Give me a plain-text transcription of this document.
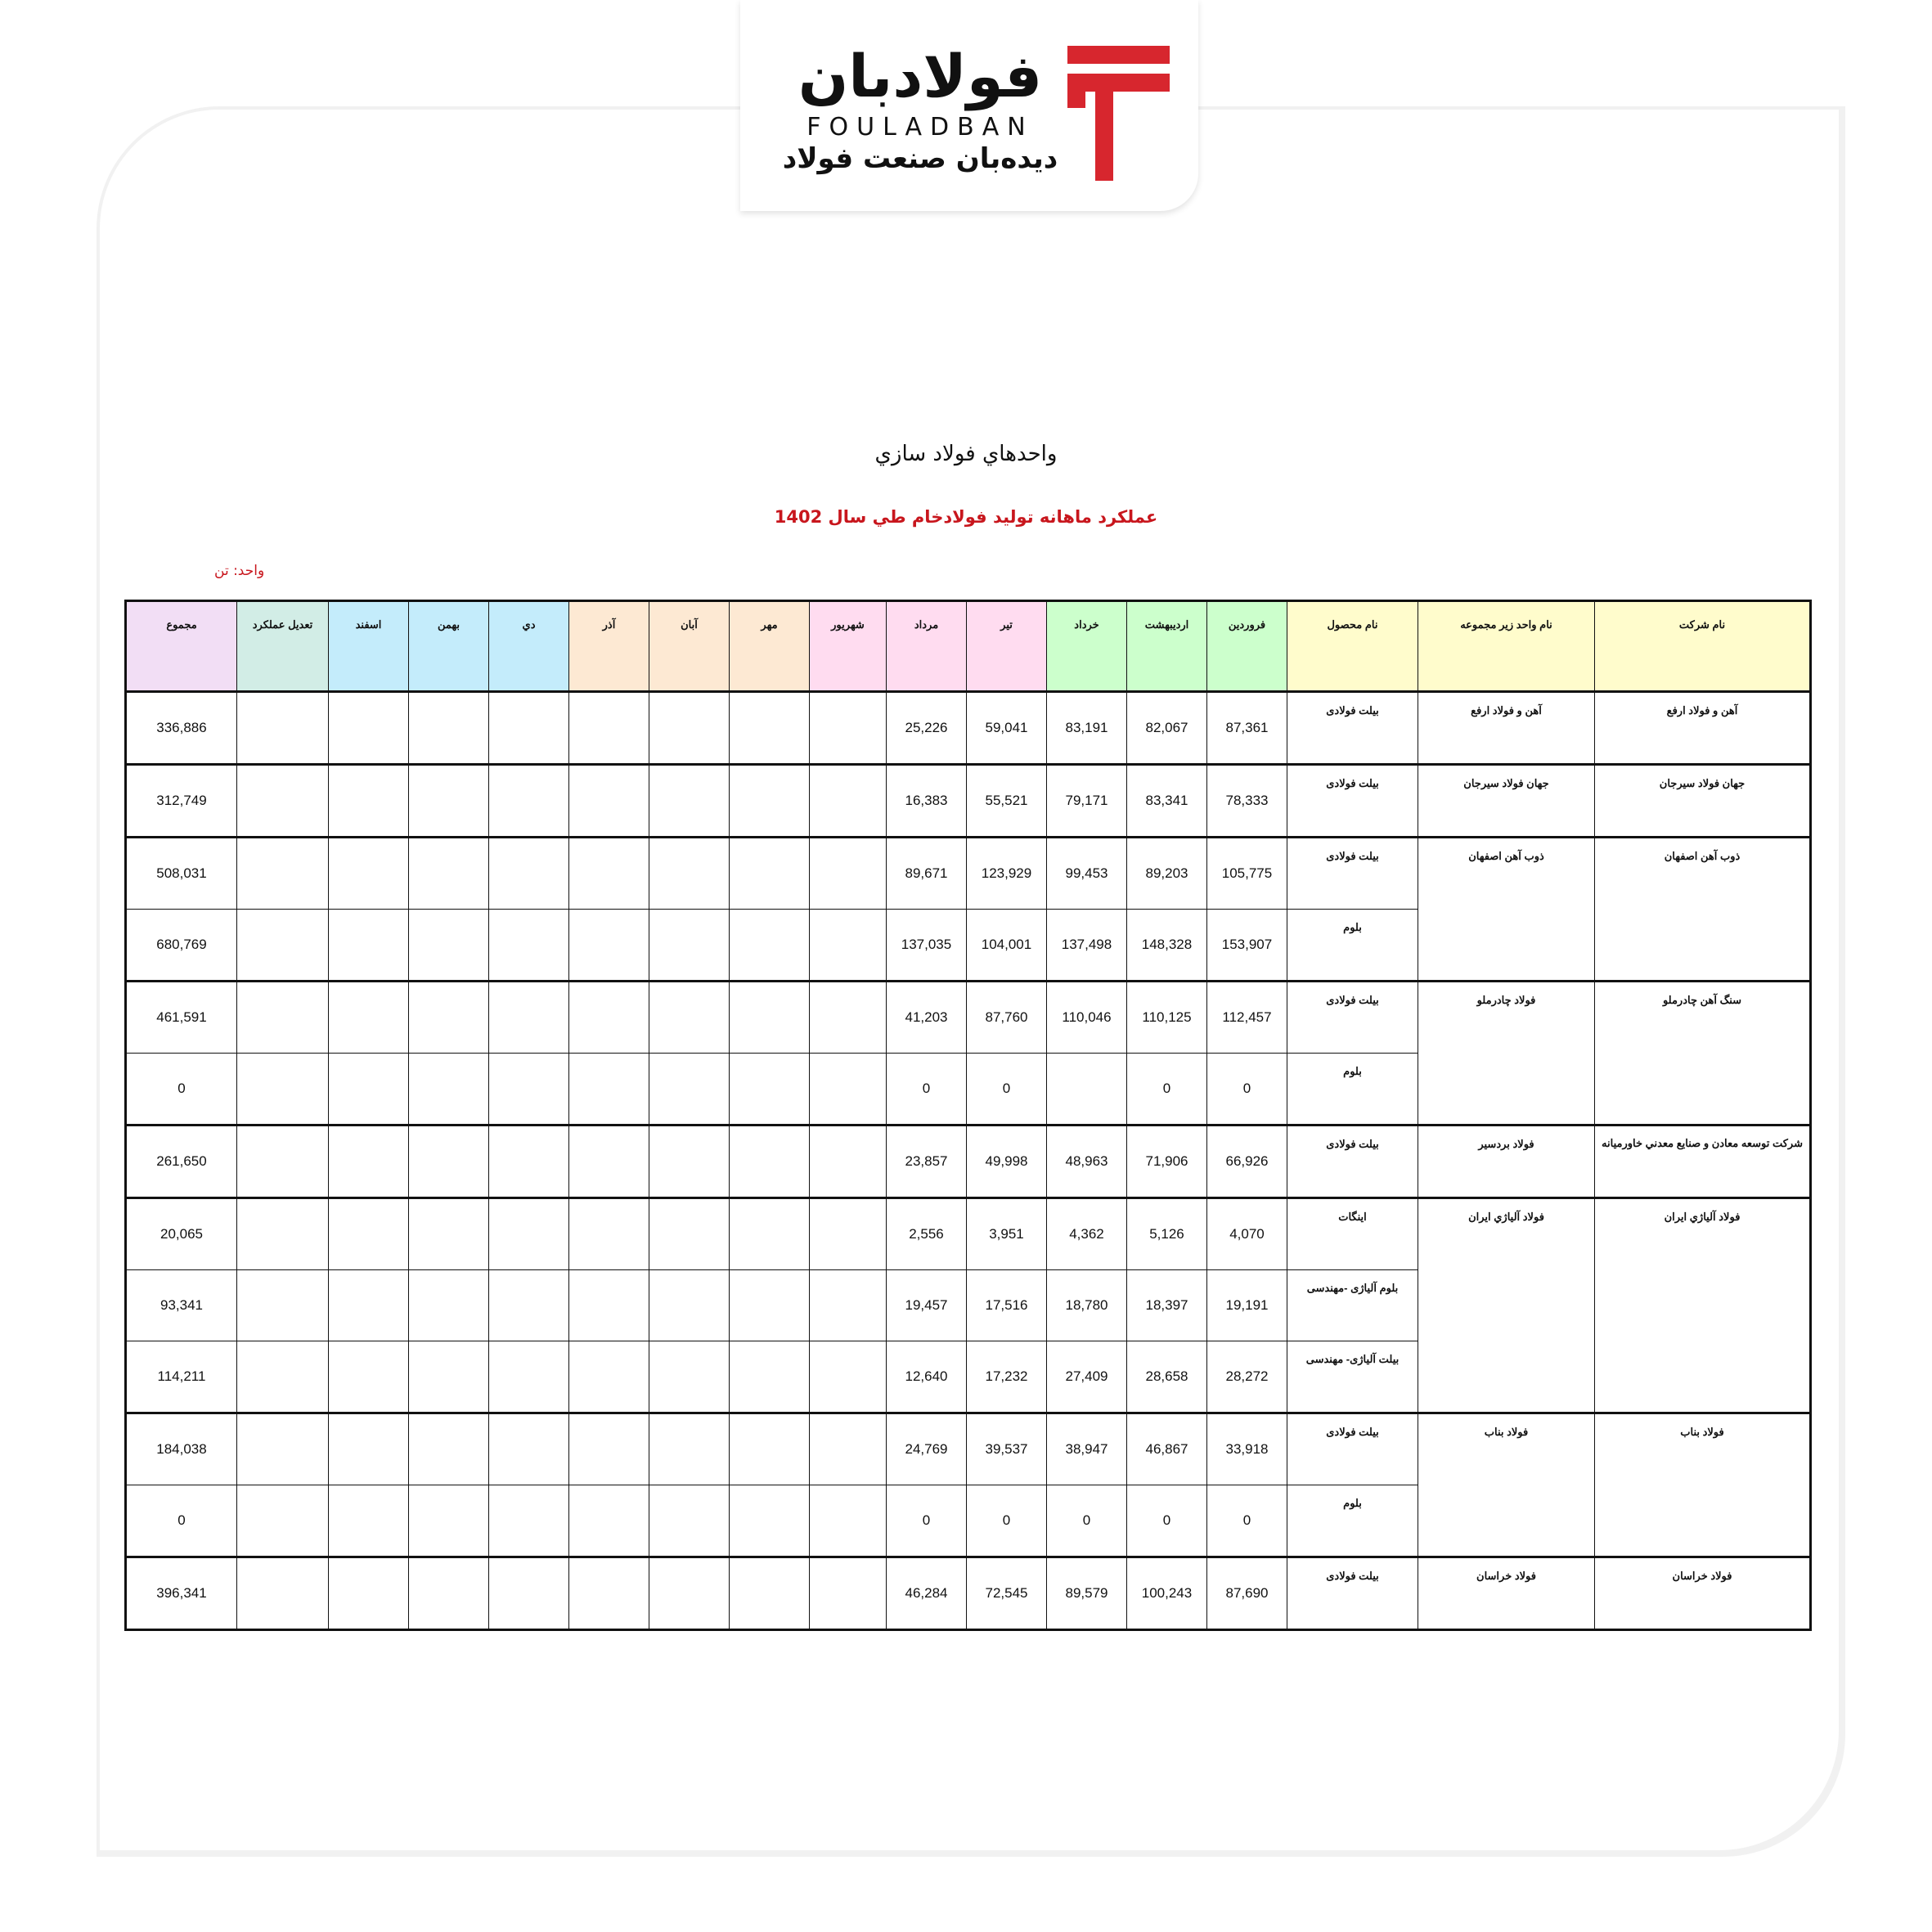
فولادبان
FOULADBAN
دیده‌بان صنعت فولاد
واحدهاي فولاد سازي
عملکرد ماهانه تولید فولادخام طي سال 1402
واحد: تن
نام شرکت	نام واحد زیر مجموعه	نام محصول	فروردین	اردیبهشت	خرداد	تیر	مرداد	شهریور	مهر	آبان	آذر	دي	بهمن	اسفند	تعدیل عملکرد	مجموع
آهن و فولاد ارفع	آهن و فولاد ارفع	بیلت فولادی	87,361	82,067	83,191	59,041	25,226									336,886
جهان فولاد سیرجان	جهان فولاد سیرجان	بیلت فولادی	78,333	83,341	79,171	55,521	16,383									312,749
ذوب آهن اصفهان	ذوب آهن اصفهان	بیلت فولادی	105,775	89,203	99,453	123,929	89,671									508,031
		بلوم	153,907	148,328	137,498	104,001	137,035									680,769
سنگ آهن چادرملو	فولاد چادرملو	بیلت فولادی	112,457	110,125	110,046	87,760	41,203									461,591
		بلوم	0	0		0	0									0
شرکت توسعه معادن و صنایع معدني خاورمیانه	فولاد بردسیر	بیلت فولادی	66,926	71,906	48,963	49,998	23,857									261,650
فولاد آلیاژي ایران	فولاد آلیاژي ایران	اینگات	4,070	5,126	4,362	3,951	2,556									20,065
		بلوم آلیاژی -مهندسی	19,191	18,397	18,780	17,516	19,457									93,341
		بیلت آلیاژی- مهندسی	28,272	28,658	27,409	17,232	12,640									114,211
فولاد بناب	فولاد بناب	بیلت فولادی	33,918	46,867	38,947	39,537	24,769									184,038
		بلوم	0	0	0	0	0									0
فولاد خراسان	فولاد خراسان	بیلت فولادی	87,690	100,243	89,579	72,545	46,284									396,341
